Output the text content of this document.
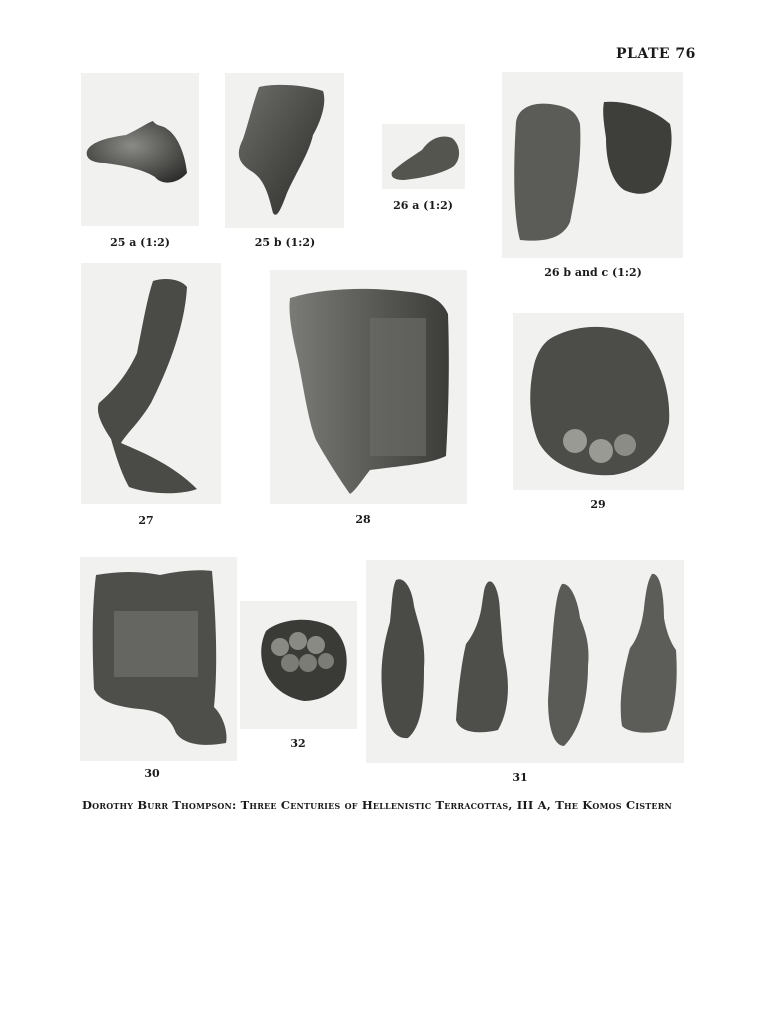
PLATE 76
25 a (1:2)	25 b (1:2)
26 a (1:2)
26 b and c (1:2)
27	28
29
30
32
31
Dorothy Burr Thompson: Three Centuries of Hellenistic Terracottas, III A, The Komos Cistern
